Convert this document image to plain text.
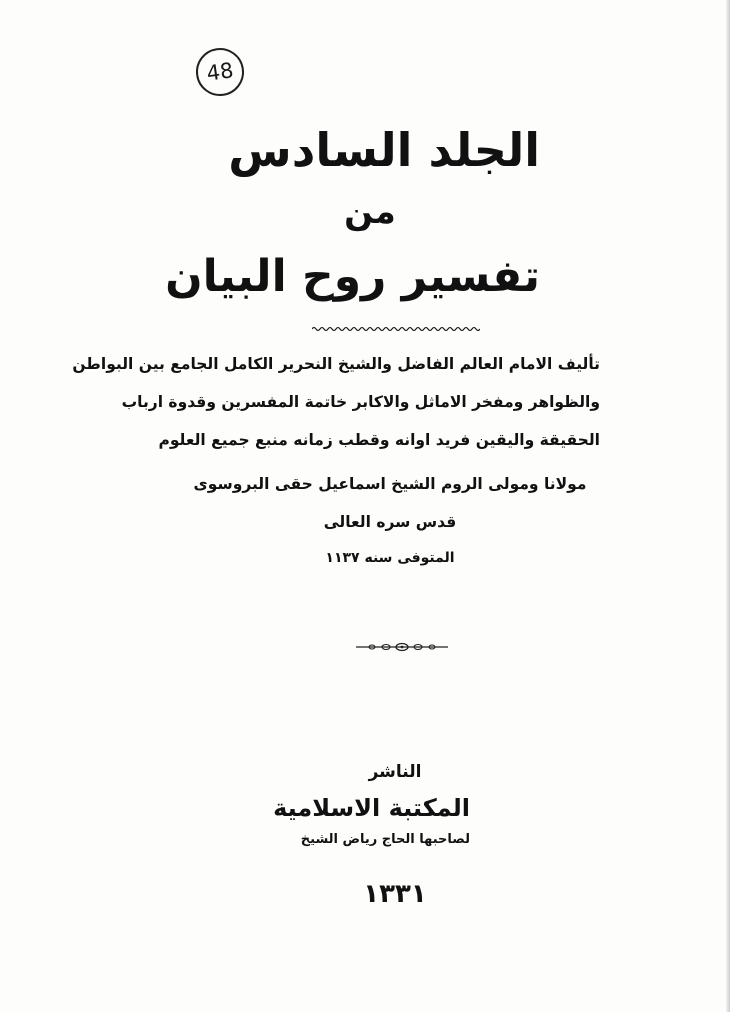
48
الجلد السادس
من
تفسير روح البيان
تأليف الامام العالم الفاضل والشيخ النحرير الكامل الجامع بين البواطن
والظواهر ومفخر الاماثل والاكابر خاتمة المفسرين وقدوة ارباب
الحقيقة واليقين فريد اوانه وقطب زمانه منبع جميع العلوم
مولانا ومولى الروم الشيخ اسماعيل حقى البروسوى
قدس سره العالى
المتوفى سنه ١١٣٧
الناشر
المكتبة الاسلامية
لصاحبها الحاج رياض الشيخ
١٣٣١
